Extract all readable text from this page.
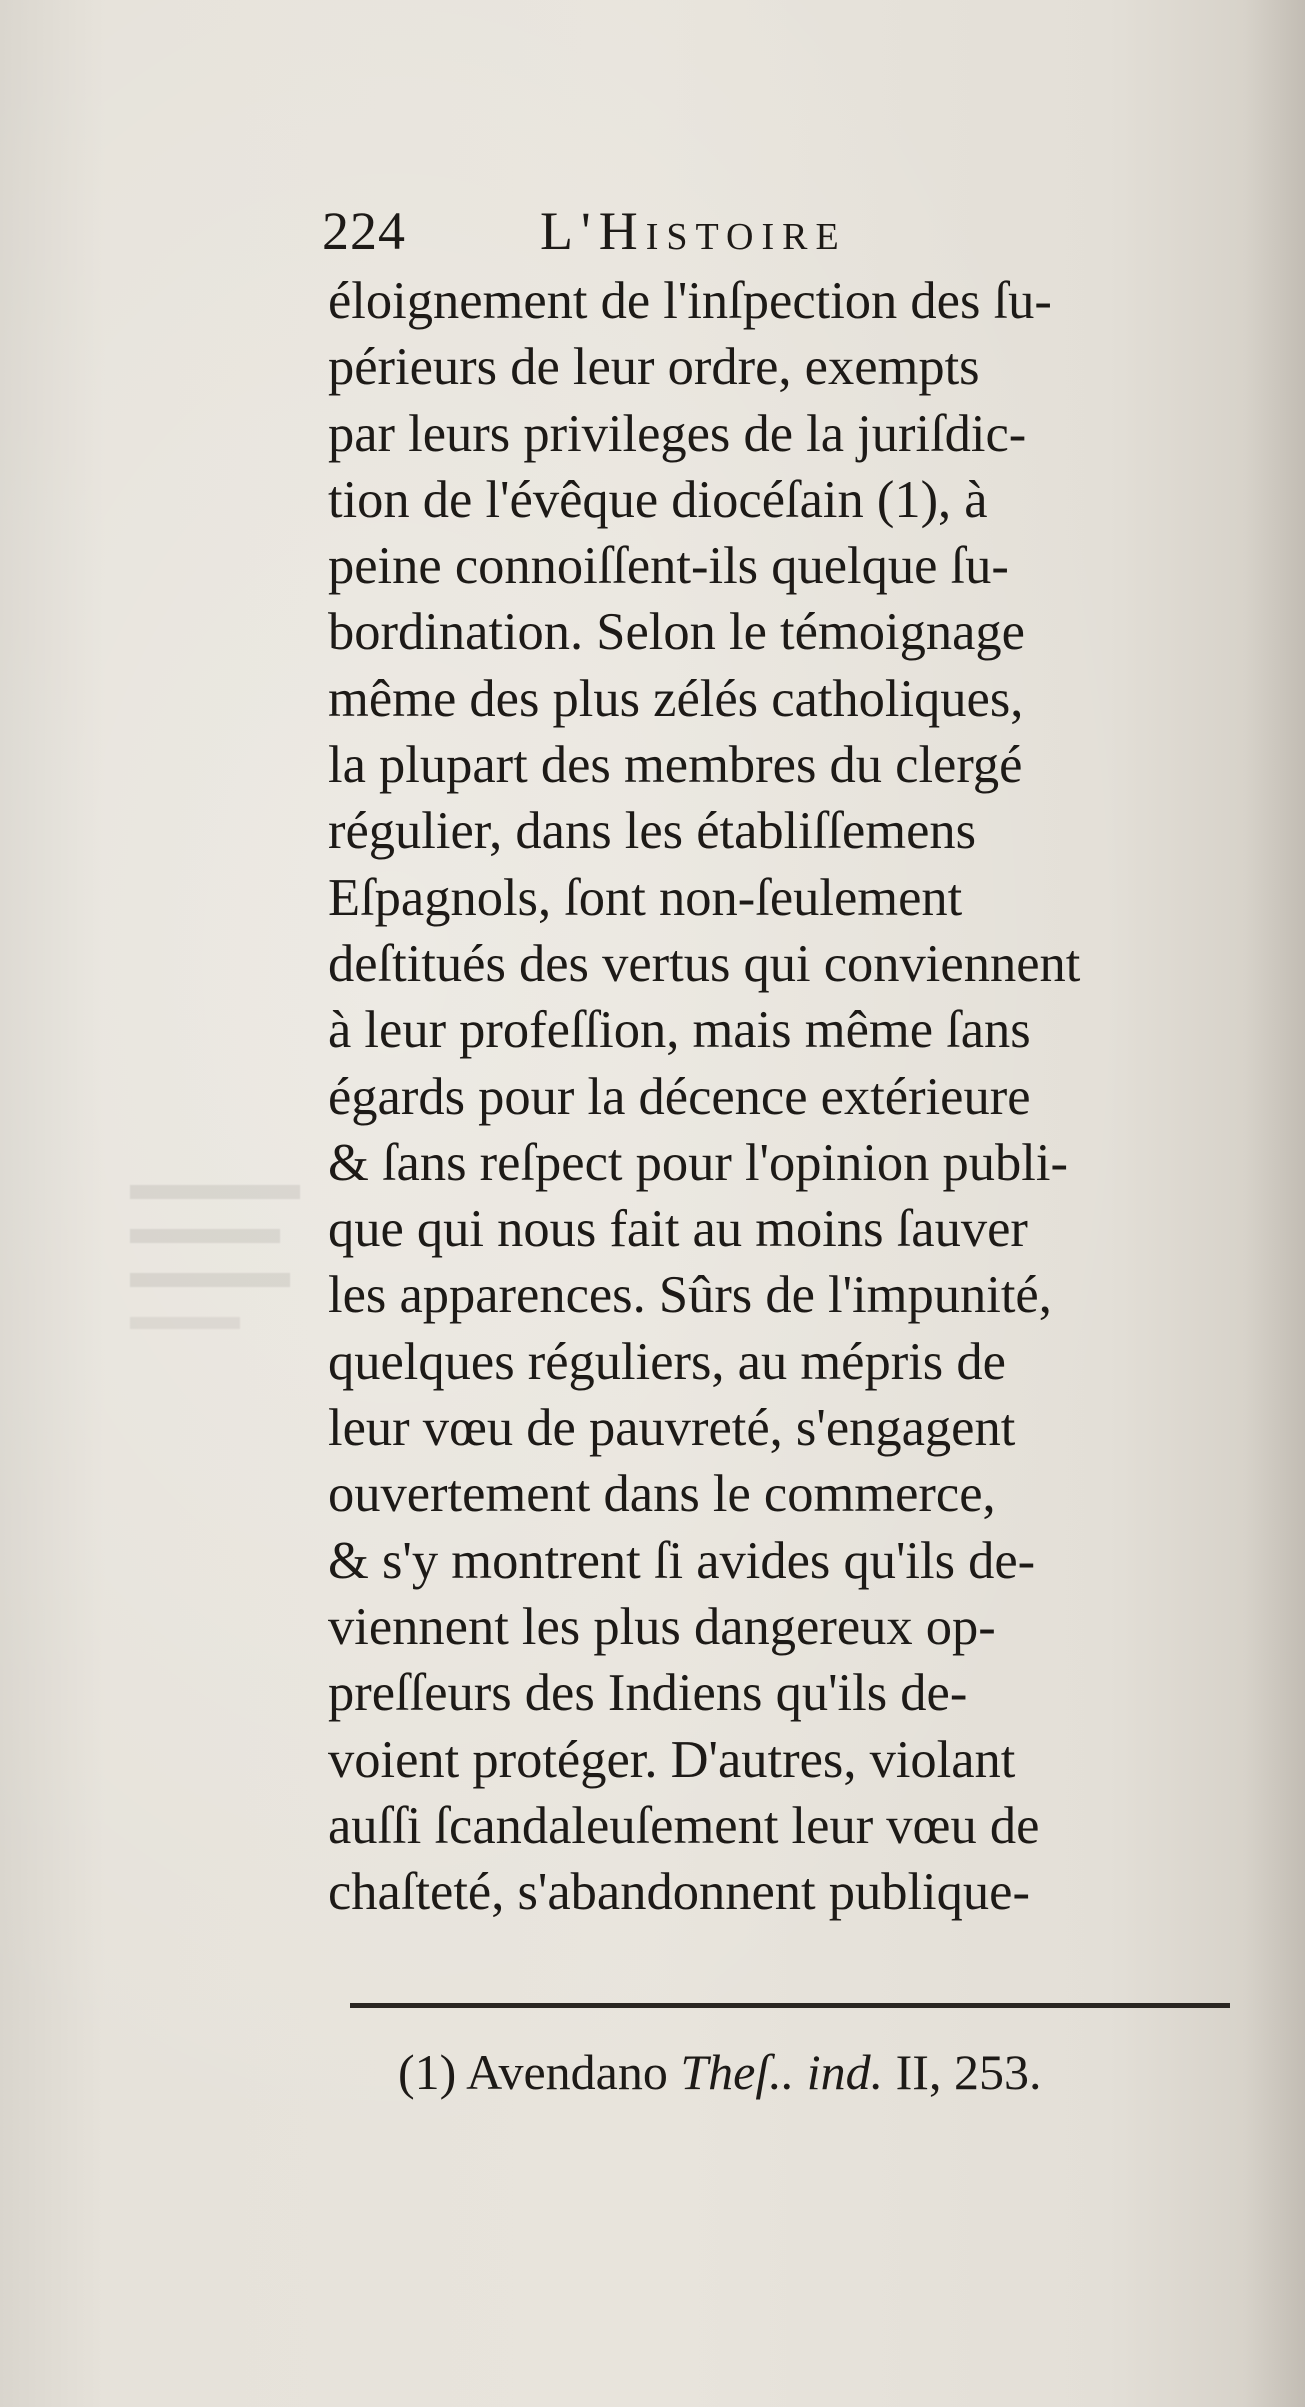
224 L'Histoire
éloignement de l'inſpection des ſu-
périeurs de leur ordre, exempts
par leurs privileges de la juriſdic-
tion de l'évêque diocéſain (1), à
peine connoiſſent-ils quelque ſu-
bordination. Selon le témoignage
même des plus zélés catholiques,
la plupart des membres du clergé
régulier, dans les établiſſemens
Eſpagnols, ſont non-ſeulement
deſtitués des vertus qui conviennent
à leur profeſſion, mais même ſans
égards pour la décence extérieure
& ſans reſpect pour l'opinion publi-
que qui nous fait au moins ſauver
les apparences. Sûrs de l'impunité,
quelques réguliers, au mépris de
leur vœu de pauvreté, s'engagent
ouvertement dans le commerce,
& s'y montrent ſi avides qu'ils de-
viennent les plus dangereux op-
preſſeurs des Indiens qu'ils de-
voient protéger. D'autres, violant
auſſi ſcandaleuſement leur vœu de
chaſteté, s'abandonnent publique-
(1) Avendano Theſ.. ind. II, 253.
